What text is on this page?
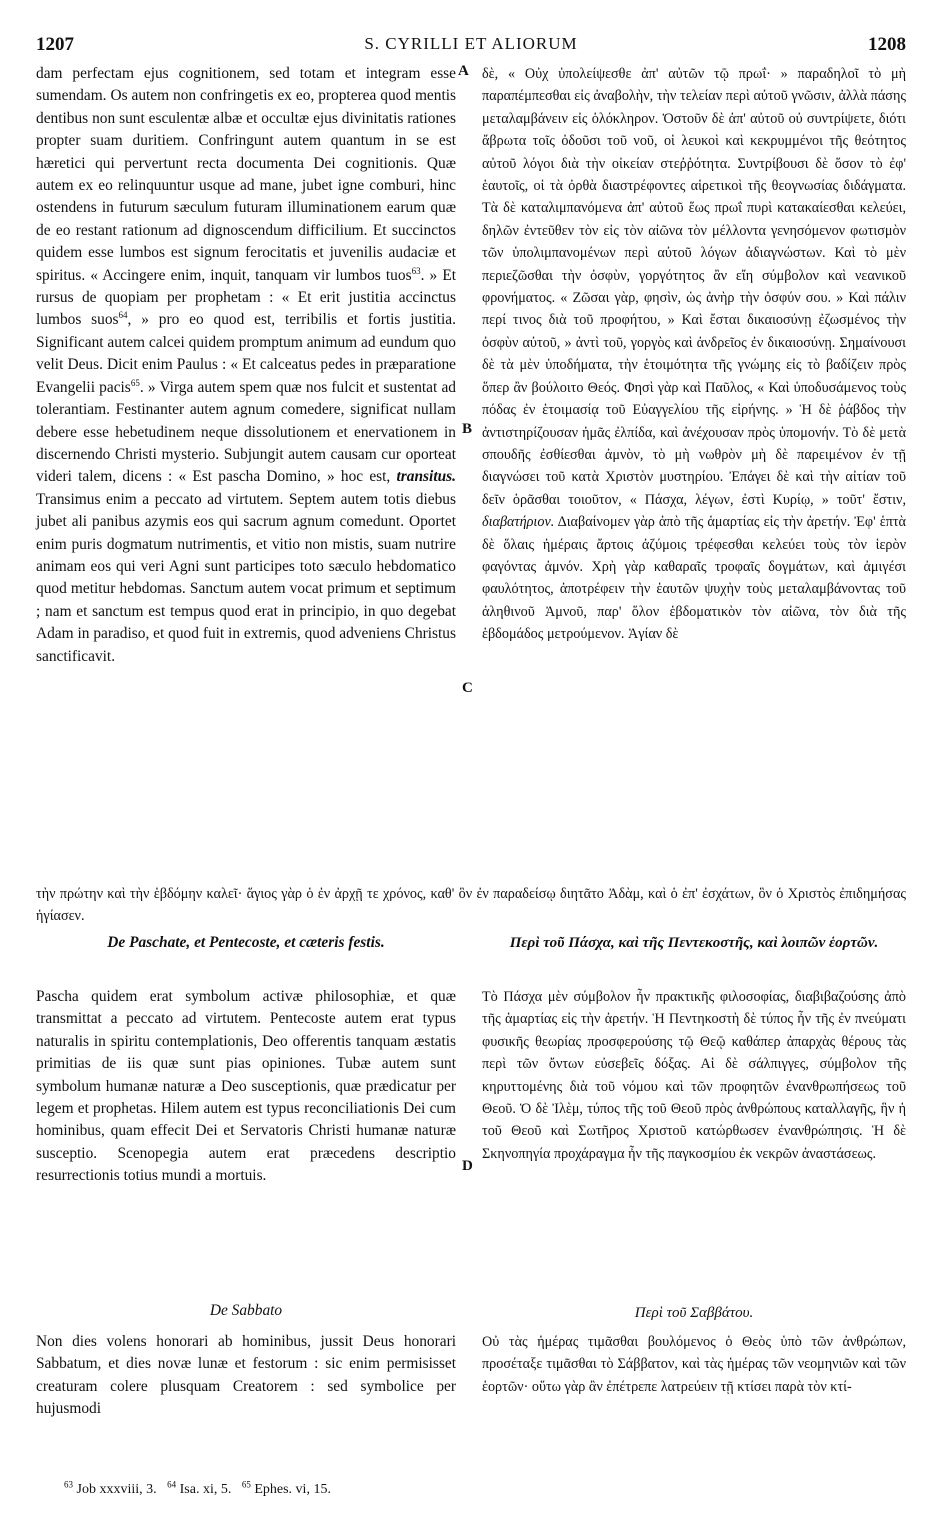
1207	S. CYRILLI ET ALIORUM	1208
A
B
C
D

dam perfectam ejus cognitionem, sed totam et integram esse sumendam. Os autem non confringetis ex eo, propterea quod mentis dentibus non sunt esculentæ albæ et occultæ ejus divinitatis rationes propter suam duritiem. Confringunt autem quantum in se est hæretici qui pervertunt recta documenta Dei cognitionis. Quæ autem ex eo relinquuntur usque ad mane, jubet igne comburi, hinc ostendens in futurum sæculum futuram illuminationem earum quæ de eo restant rationum ad dignoscendum difficilium. Et succinctos quidem esse lumbos est signum ferocitatis et juvenilis audaciæ et spiritus. « Accingere enim, inquit, tanquam vir lumbos tuos$^{63}$. » Et rursus de quopiam per prophetam : « Et erit justitia accinctus lumbos suos$^{64}$, » pro eo quod est, terribilis et fortis justitia. Significant autem calcei quidem promptum animum ad eundum quo velit Deus. Dicit enim Paulus : « Et calceatus pedes in præparatione Evangelii pacis$^{65}$. » Virga autem spem quæ nos fulcit et sustentat ad tolerantiam. Festinanter autem agnum comedere, significat nullam debere esse hebetudinem neque dissolutionem et enervationem in discernendo Christi mysterio. Subjungit autem causam cur oporteat videri talem, dicens : « Est pascha Domino, » hoc est, transitus. Transimus enim a peccato ad virtutem. Septem autem totis diebus jubet ali panibus azymis eos qui sacrum agnum comedunt. Oportet enim puris dogmatum nutrimentis, et vitio non mistis, suam nutrire animam eos qui veri Agni sunt participes toto sæculo hebdomatico quod metitur hebdomas. Sanctum autem vocat primum et septimum ; nam et sanctum est tempus quod erat in principio, in quo degebat Adam in paradiso, et quod fuit in extremis, quod adveniens Christus sanctificavit.

δὲ, « Οὐχ ὑπολείψεσθε ἀπ' αὐτῶν τῷ πρωΐ· » παραδηλοῖ τὸ μὴ παραπέμπεσθαι εἰς ἀναβολὴν, τὴν τελείαν περὶ αὐτοῦ γνῶσιν, ἀλλὰ πάσης μεταλαμβάνειν εἰς ὁλόκληρον. Ὀστοῦν δὲ ἀπ' αὐτοῦ οὐ συντρίψετε, διότι ἄβρωτα τοῖς ὀδοῦσι τοῦ νοῦ, οἱ λευκοὶ καὶ κεκρυμμένοι τῆς θεότητος αὐτοῦ λόγοι διὰ τὴν οἰκείαν στεῤῥότητα. Συντρίβουσι δὲ ὅσον τὸ ἐφ' ἑαυτοῖς, οἱ τὰ ὀρθὰ διαστρέφοντες αἱρετικοὶ τῆς θεογνωσίας διδάγματα. Τὰ δὲ καταλιμπανόμενα ἀπ' αὐτοῦ ἕως πρωΐ πυρὶ κατακαίεσθαι κελεύει, δηλῶν ἐντεῦθεν τὸν εἰς τὸν αἰῶνα τὸν μέλλοντα γενησόμενον φωτισμὸν τῶν ὑπολιμπανομένων περὶ αὐτοῦ λόγων ἀδιαγνώστων. Καὶ τὸ μὲν περιεζῶσθαι τὴν ὀσφὺν, γοργότητος ἂν εἴη σύμβολον καὶ νεανικοῦ φρονήματος. « Ζῶσαι γὰρ, φησὶν, ὡς ἀνὴρ τὴν ὀσφύν σου. » Καὶ πάλιν περί τινος διὰ τοῦ προφήτου, » Καὶ ἔσται δικαιοσύνῃ ἐζωσμένος τὴν ὀσφὺν αὐτοῦ, » ἀντὶ τοῦ, γοργὸς καὶ ἀνδρεῖος ἐν δικαιοσύνῃ. Σημαίνουσι δὲ τὰ μὲν ὑποδήματα, τὴν ἑτοιμότητα τῆς γνώμης εἰς τὸ βαδίζειν πρὸς ὅπερ ἂν βούλοιτο Θεός. Φησὶ γὰρ καὶ Παῦλος, « Καὶ ὑποδυσάμενος τοὺς πόδας ἐν ἑτοιμασίᾳ τοῦ Εὐαγγελίου τῆς εἰρήνης. » Ἡ δὲ ῥάβδος τὴν ἀντιστηρίζουσαν ἡμᾶς ἐλπίδα, καὶ ἀνέχουσαν πρὸς ὑπομονήν. Τὸ δὲ μετὰ σπουδῆς ἐσθίεσθαι ἀμνὸν, τὸ μὴ νωθρὸν μὴ δὲ παρειμένον ἐν τῇ διαγνώσει τοῦ κατὰ Χριστὸν μυστηρίου. Ἐπάγει δὲ καὶ τὴν αἰτίαν τοῦ δεῖν ὁρᾶσθαι τοιοῦτον, « Πάσχα, λέγων, ἐστὶ Κυρίῳ, » τοῦτ' ἔστιν, διαβατήριον. Διαβαίνομεν γὰρ ἀπὸ τῆς ἁμαρτίας εἰς τὴν ἀρετήν. Ἐφ' ἑπτὰ δὲ ὅλαις ἡμέραις ἄρτοις ἀζύμοις τρέφεσθαι κελεύει τοὺς τὸν ἱερὸν φαγόντας ἀμνόν. Χρὴ γὰρ καθαραῖς τροφαῖς δογμάτων, καὶ ἀμιγέσι φαυλότητος, ἀποτρέφειν τὴν ἑαυτῶν ψυχὴν τοὺς μεταλαμβάνοντας τοῦ ἀληθινοῦ Ἀμνοῦ, παρ' ὅλον ἑβδοματικὸν τὸν αἰῶνα, τὸν διὰ τῆς ἑβδομάδος μετρούμενον. Ἁγίαν δὲ

τὴν πρώτην καὶ τὴν ἑβδόμην καλεῖ· ἅγιος γὰρ ὁ ἐν ἀρχῇ τε χρόνος, καθ' ὃν ἐν παραδείσῳ διητᾶτο Ἀδὰμ, καὶ ὁ ἐπ' ἐσχάτων, ὃν ὁ Χριστὸς ἐπιδημήσας ἡγίασεν.

De Paschate, et Pentecoste, et cæteris festis.	Περὶ τοῦ Πάσχα, καὶ τῆς Πεντεκοστῆς, καὶ λοιπῶν ἑορτῶν.

Pascha quidem erat symbolum activæ philosophiæ, et quæ transmittat a peccato ad virtutem. Pentecoste autem erat typus naturalis in spiritu contemplationis, Deo offerentis tanquam æstatis primitias de iis quæ sunt pias opiniones. Tubæ autem sunt symbolum humanæ naturæ a Deo susceptionis, quæ prædicatur per legem et prophetas. Hilem autem est typus reconciliationis Dei cum hominibus, quam effecit Dei et Servatoris Christi humanæ naturæ susceptio. Scenopegia autem erat præcedens descriptio resurrectionis totius mundi a mortuis.

Τὸ Πάσχα μὲν σύμβολον ἦν πρακτικῆς φιλοσοφίας, διαβιβαζούσης ἀπὸ τῆς ἁμαρτίας εἰς τὴν ἀρετήν. Ἡ Πεντηκοστὴ δὲ τύπος ἦν τῆς ἐν πνεύματι φυσικῆς θεωρίας προσφερούσης τῷ Θεῷ καθάπερ ἀπαρχὰς θέρους τὰς περὶ τῶν ὄντων εὐσεβεῖς δόξας. Αἱ δὲ σάλπιγγες, σύμβολον τῆς κηρυττομένης διὰ τοῦ νόμου καὶ τῶν προφητῶν ἐνανθρωπήσεως τοῦ Θεοῦ. Ὁ δὲ Ἰλὲμ, τύπος τῆς τοῦ Θεοῦ πρὸς ἀνθρώπους καταλλαγῆς, ἣν ἡ τοῦ Θεοῦ καὶ Σωτῆρος Χριστοῦ κατώρθωσεν ἐνανθρώπησις. Ἡ δὲ Σκηνοπηγία προχάραγμα ἦν τῆς παγκοσμίου ἐκ νεκρῶν ἀναστάσεως.

De Sabbato	Περὶ τοῦ Σαββάτου.

Non dies volens honorari ab hominibus, jussit Deus honorari Sabbatum, et dies novæ lunæ et festorum : sic enim permisisset creaturam colere plusquam Creatorem : sed symbolice per hujusmodi

Οὐ τὰς ἡμέρας τιμᾶσθαι βουλόμενος ὁ Θεὸς ὑπὸ τῶν ἀνθρώπων, προσέταξε τιμᾶσθαι τὸ Σάββατον, καὶ τὰς ἡμέρας τῶν νεομηνιῶν καὶ τῶν ἑορτῶν· οὕτω γὰρ ἂν ἐπέτρεπε λατρεύειν τῇ κτίσει παρὰ τὸν κτί-

$^{63}$ Job xxxviii, 3. $^{64}$ Isa. xi, 5. $^{65}$ Ephes. vi, 15.
